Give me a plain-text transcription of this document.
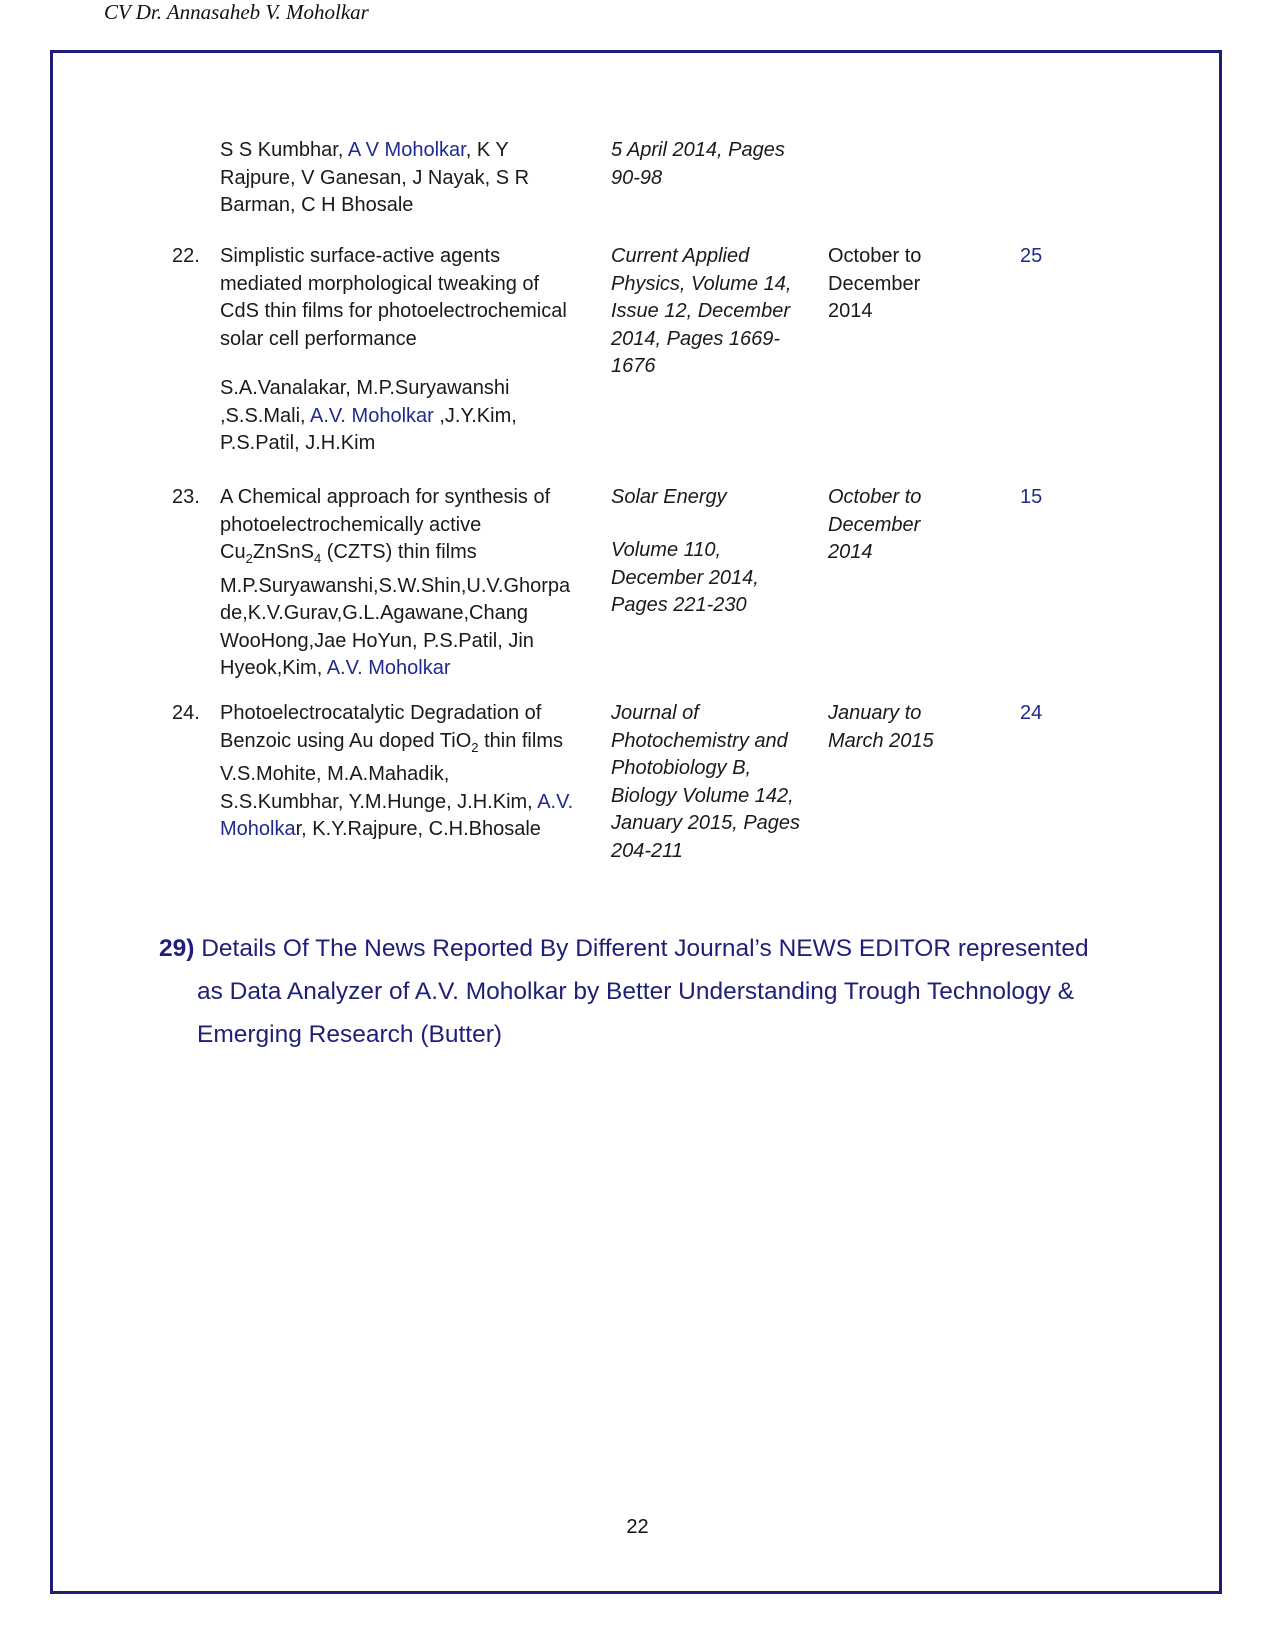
CV Dr. Annasaheb V. Moholkar
S S Kumbhar, A V Moholkar, K Y
Rajpure, V Ganesan, J Nayak, S R
Barman, C H Bhosale
5 April 2014, Pages
90-98
22. Simplistic surface-active agents
mediated morphological tweaking of
CdS thin films for photoelectrochemical
solar cell performance
S.A.Vanalakar, M.P.Suryawanshi
,S.S.Mali, A.V. Moholkar ,J.Y.Kim,
P.S.Patil, J.H.Kim
Current Applied
Physics, Volume 14,
Issue 12, December
2014, Pages 1669-
1676
October to
December
2014
25
23. A Chemical approach for synthesis of
photoelectrochemically active
$Cu_2ZnSnS_4$ (CZTS) thin films
M.P.Suryawanshi,S.W.Shin,U.V.Ghorpa
de,K.V.Gurav,G.L.Agawane,Chang
WooHong,Jae HoYun, P.S.Patil, Jin
Hyeok,Kim, A.V. Moholkar
Solar Energy
Volume 110,
December 2014,
Pages 221-230
October to
December
2014
15
24. Photoelectrocatalytic Degradation of
Benzoic using Au doped TiO$_2$ thin films
V.S.Mohite, M.A.Mahadik,
S.S.Kumbhar, Y.M.Hunge, J.H.Kim, A.V.
Moholkar, K.Y.Rajpure, C.H.Bhosale
Journal of
Photochemistry and
Photobiology B,
Biology Volume 142,
January 2015, Pages
204-211
January to
March 2015
24
29) Details Of The News Reported By Different Journal’s NEWS EDITOR represented
as Data Analyzer of A.V. Moholkar by Better Understanding Trough Technology &
Emerging Research (Butter)
22
